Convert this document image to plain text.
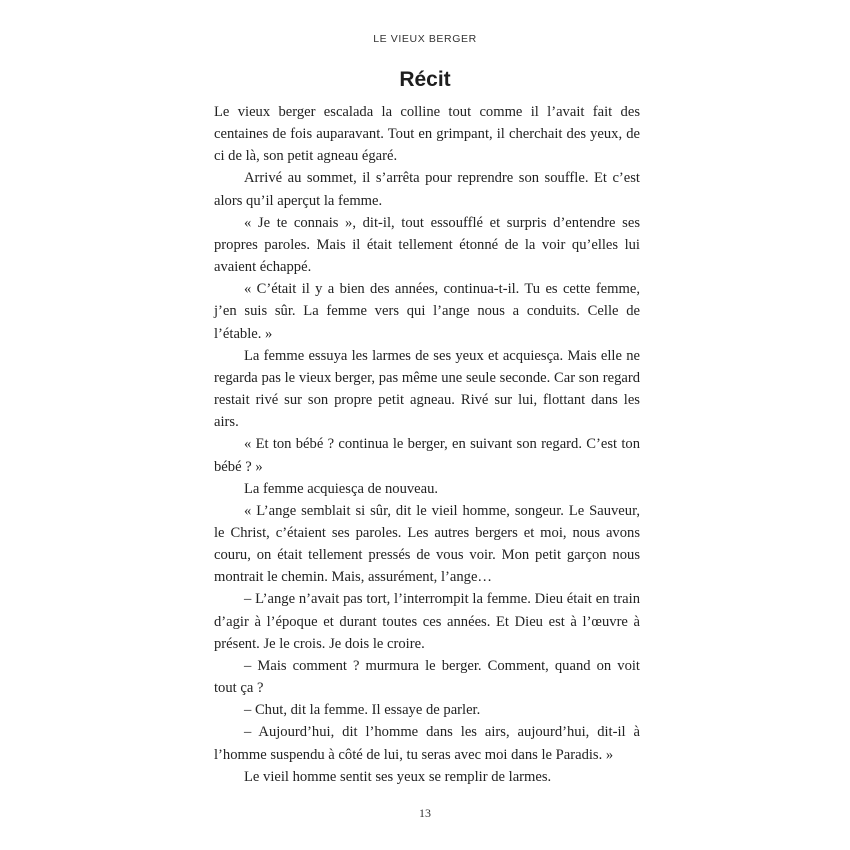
LE VIEUX BERGER
Récit

Le vieux berger escalada la colline tout comme il l’avait fait des centaines de fois auparavant. Tout en grimpant, il cherchait des yeux, de ci de là, son petit agneau égaré.

Arrivé au sommet, il s’arrêta pour reprendre son souffle. Et c’est alors qu’il aperçut la femme.

« Je te connais », dit-il, tout essoufflé et surpris d’entendre ses propres paroles. Mais il était tellement étonné de la voir qu’elles lui avaient échappé.

« C’était il y a bien des années, continua-t-il. Tu es cette femme, j’en suis sûr. La femme vers qui l’ange nous a conduits. Celle de l’étable. »

La femme essuya les larmes de ses yeux et acquiesça. Mais elle ne regarda pas le vieux berger, pas même une seule seconde. Car son regard restait rivé sur son propre petit agneau. Rivé sur lui, flottant dans les airs.

« Et ton bébé ? continua le berger, en suivant son regard. C’est ton bébé ? »

La femme acquiesça de nouveau.

« L’ange semblait si sûr, dit le vieil homme, songeur. Le Sauveur, le Christ, c’étaient ses paroles. Les autres bergers et moi, nous avons couru, on était tellement pressés de vous voir. Mon petit garçon nous montrait le chemin. Mais, assurément, l’ange…

– L’ange n’avait pas tort, l’interrompit la femme. Dieu était en train d’agir à l’époque et durant toutes ces années. Et Dieu est à l’œuvre à présent. Je le crois. Je dois le croire.

– Mais comment ? murmura le berger. Comment, quand on voit tout ça ?

– Chut, dit la femme. Il essaye de parler.

– Aujourd’hui, dit l’homme dans les airs, aujourd’hui, dit-il à l’homme suspendu à côté de lui, tu seras avec moi dans le Paradis. »

Le vieil homme sentit ses yeux se remplir de larmes.

13
